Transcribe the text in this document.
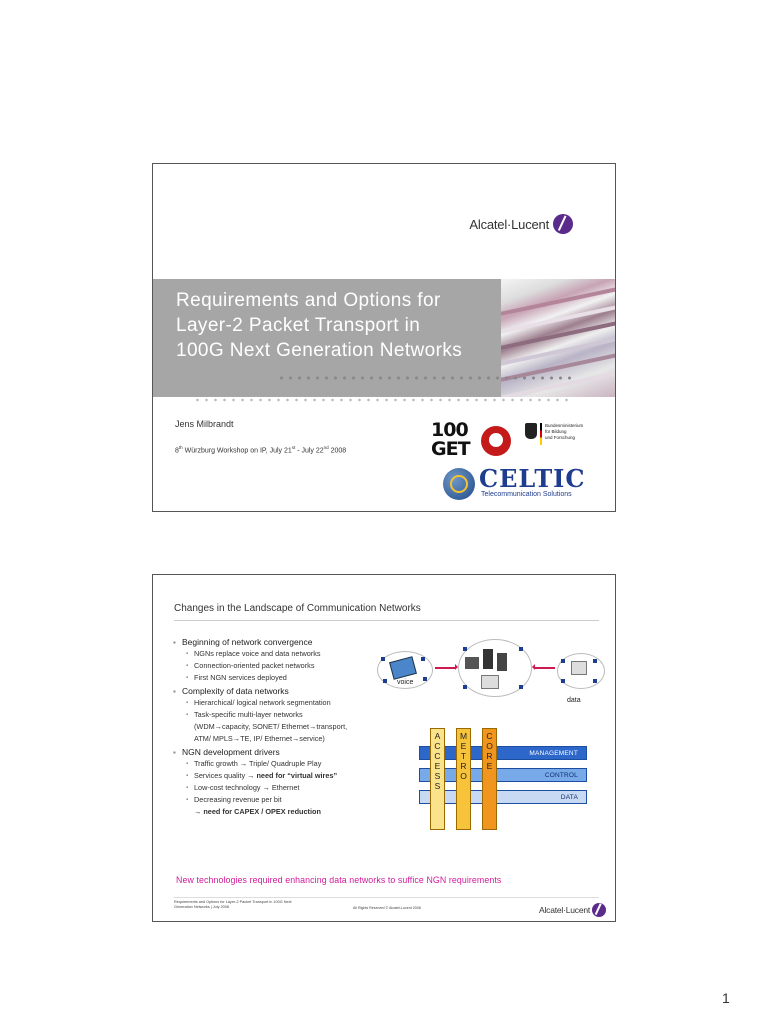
Alcatel·Lucent
Requirements and Options for
Layer-2 Packet Transport in
100G Next Generation Networks
Jens Milbrandt
8th Würzburg Workshop on IP, July 21st - July 22nd 2008
100
GET
Bundesministerium
für Bildung
und Forschung
CELTIC
Telecommunication Solutions
Changes in the Landscape of Communication Networks
▪ Beginning of network convergence
▪ NGNs replace voice and data networks
▪ Connection-oriented packet networks
▪ First NGN services deployed
▪ Complexity of data networks
▪ Hierarchical/ logical network segmentation
▪ Task-specific multi-layer networks
(WDM→capacity, SONET/ Ethernet→transport,
ATM/ MPLS→TE, IP/ Ethernet→service)
▪ NGN development drivers
▪ Traffic growth → Triple/ Quadruple Play
▪ Services quality → need for “virtual wires”
▪ Low-cost technology → Ethernet
▪ Decreasing revenue per bit
→ need for CAPEX / OPEX reduction
voice
data
MANAGEMENT
CONTROL
DATA
A
C
C
E
S
S
M
E
T
R
O
C
O
R
E
New technologies required enhancing data networks to suffice NGN requirements
Requirements and Options for Layer-2 Packet Transport in 100G Next Generation Networks | July 2008	All Rights Reserved © Alcatel-Lucent 2008	Alcatel·Lucent
1
